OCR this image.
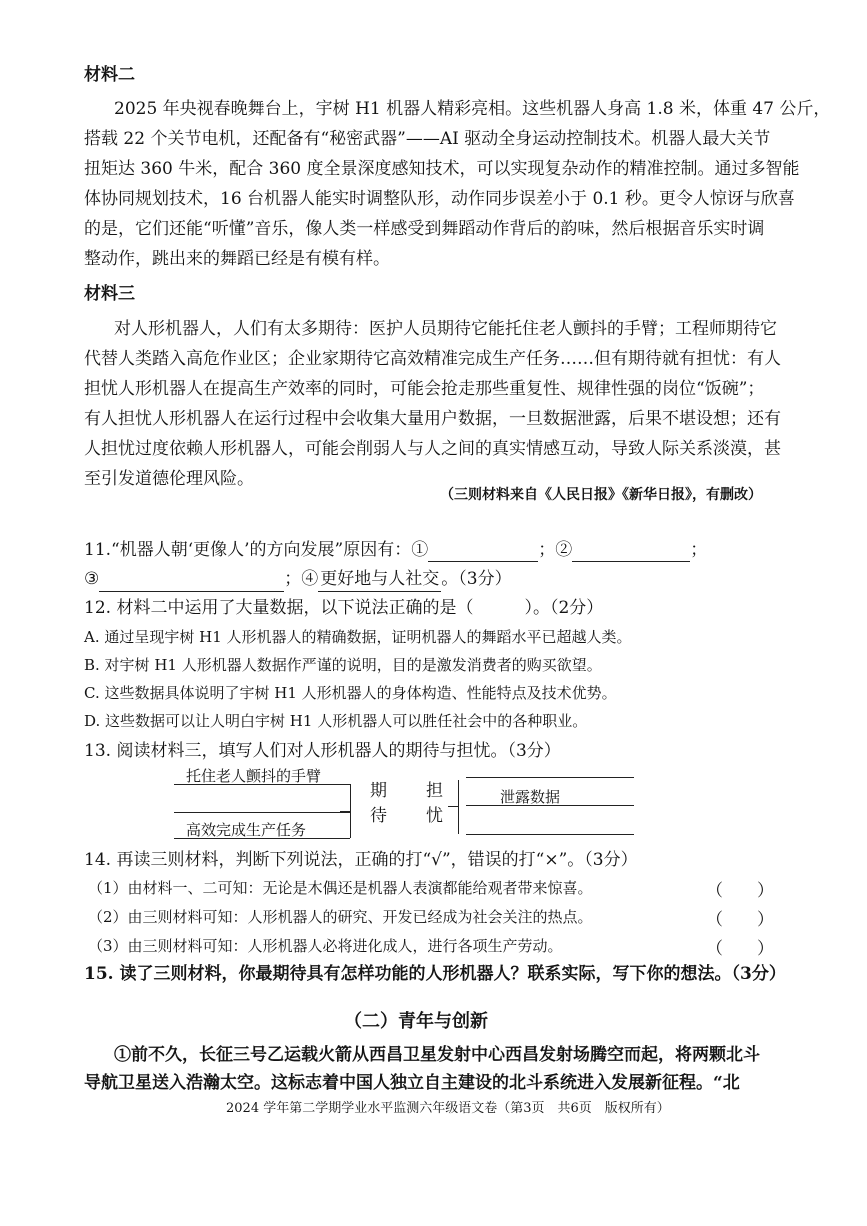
材料二
2025 年央视春晚舞台上，宇树 H1 机器人精彩亮相。这些机器人身高 1.8 米，体重 47 公斤，
搭载 22 个关节电机，还配备有“秘密武器”——AI 驱动全身运动控制技术。机器人最大关节
扭矩达 360 牛米，配合 360 度全景深度感知技术，可以实现复杂动作的精准控制。通过多智能
体协同规划技术，16 台机器人能实时调整队形，动作同步误差小于 0.1 秒。更令人惊讶与欣喜
的是，它们还能“听懂”音乐，像人类一样感受到舞蹈动作背后的韵味，然后根据音乐实时调
整动作，跳出来的舞蹈已经是有模有样。
材料三
对人形机器人，人们有太多期待：医护人员期待它能托住老人颤抖的手臂；工程师期待它
代替人类踏入高危作业区；企业家期待它高效精准完成生产任务……但有期待就有担忧：有人
担忧人形机器人在提高生产效率的同时，可能会抢走那些重复性、规律性强的岗位“饭碗”；
有人担忧人形机器人在运行过程中会收集大量用户数据，一旦数据泄露，后果不堪设想；还有
人担忧过度依赖人形机器人，可能会削弱人与人之间的真实情感互动，导致人际关系淡漠，甚
至引发道德伦理风险。
（三则材料来自《人民日报》《新华日报》，有删改）
11.“机器人朝‘更像人’的方向发展”原因有：①	；②	；
③	；④ 更好地与人社交 。（3分）
12. 材料二中运用了大量数据，以下说法正确的是（　　　）。（2分）
A. 通过呈现宇树 H1 人形机器人的精确数据，证明机器人的舞蹈水平已超越人类。
B. 对宇树 H1 人形机器人数据作严谨的说明，目的是激发消费者的购买欲望。
C. 这些数据具体说明了宇树 H1 人形机器人的身体构造、性能特点及技术优势。
D. 这些数据可以让人明白宇树 H1 人形机器人可以胜任社会中的各种职业。
13. 阅读材料三，填写人们对人形机器人的期待与担忧。（3分）
托住老人颤抖的手臂
高效完成生产任务
期
待
担
忧
泄露数据
14. 再读三则材料，判断下列说法，正确的打“√”，错误的打“×”。（3分）
（1）由材料一、二可知：无论是木偶还是机器人表演都能给观者带来惊喜。	（　　）
（2）由三则材料可知：人形机器人的研究、开发已经成为社会关注的热点。	（　　）
（3）由三则材料可知：人形机器人必将进化成人，进行各项生产劳动。	（　　）
15. 读了三则材料，你最期待具有怎样功能的人形机器人？联系实际，写下你的想法。（3分）
（二）青年与创新
①前不久，长征三号乙运载火箭从西昌卫星发射中心西昌发射场腾空而起，将两颗北斗
导航卫星送入浩瀚太空。这标志着中国人独立自主建设的北斗系统进入发展新征程。“北
2024 学年第二学期学业水平监测六年级语文卷（第3页　共6页　版权所有）
